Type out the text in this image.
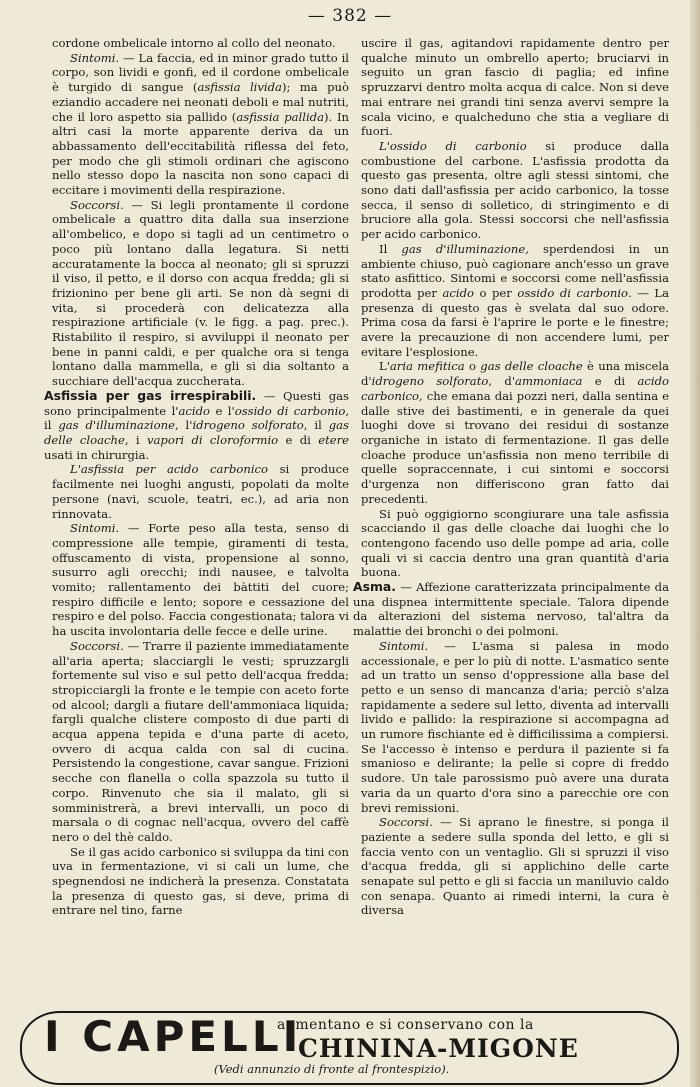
— 382 —

cordone ombelicale intorno al collo del neonato.

Sintomi. — La faccia, ed in minor grado tutto il corpo, son lividi e gonfi, ed il cordone ombelicale è turgido di sangue (asfissia livida); ma può eziandio accadere nei neonati deboli e mal nutriti, che il loro aspetto sia pallido (asfissia pallida). In altri casi la morte apparente deriva da un abbassamento dell'eccitabilità riflessa del feto, per modo che gli stimoli ordinari che agiscono nello stesso dopo la nascita non sono capaci di eccitare i movimenti della respirazione.

Soccorsi. — Si legli prontamente il cordone ombelicale a quattro dita dalla sua inserzione all'ombelico, e dopo si tagli ad un centimetro o poco più lontano dalla legatura. Si netti accuratamente la bocca al neonato; gli si spruzzi il viso, il petto, e il dorso con acqua fredda; gli si frizionino per bene gli arti. Se non dà segni di vita, si procederà con delicatezza alla respirazione artificiale (v. le figg. a pag. prec.). Ristabilito il respiro, si avviluppi il neonato per bene in panni caldi, e per qualche ora si tenga lontano dalla mammella, e gli si dia soltanto a succhiare dell'acqua zuccherata.

Asfissia per gas irrespirabili. — Questi gas sono principalmente l'acido e l'ossido di carbonio, il gas d'illuminazione, l'idrogeno solforato, il gas delle cloache, i vapori di cloroformio e di etere usati in chirurgia.

L'asfissia per acido carbonico si produce facilmente nei luoghi angusti, popolati da molte persone (navi, scuole, teatri, ec.), ad aria non rinnovata.

Sintomi. — Forte peso alla testa, senso di compressione alle tempie, giramenti di testa, offuscamento di vista, propensione al sonno, susurro agli orecchi; indi nausee, e talvolta vomito; rallentamento dei bàttiti del cuore; respiro difficile e lento; sopore e cessazione del respiro e del polso. Faccia congestionata; talora vi ha uscita involontaria delle fecce e delle urine.

Soccorsi. — Trarre il paziente immediatamente all'aria aperta; slacciargli le vesti; spruzzargli fortemente sul viso e sul petto dell'acqua fredda; stropicciargli la fronte e le tempie con aceto forte od alcool; dargli a fiutare dell'ammoniaca liquida; fargli qualche clistere composto di due parti di acqua appena tepida e d'una parte di aceto, ovvero di acqua calda con sal di cucina. Persistendo la congestione, cavar sangue. Frizioni secche con flanella o colla spazzola su tutto il corpo. Rinvenuto che sia il malato, gli si somministrerà, a brevi intervalli, un poco di marsala o di cognac nell'acqua, ovvero del caffè nero o del thè caldo.

Se il gas acido carbonico si sviluppa da tini con uva in fermentazione, vi si cali un lume, che spegnendosi ne indicherà la presenza. Constatata la presenza di questo gas, si deve, prima di entrare nel tino, farne

uscire il gas, agitandovi rapidamente dentro per qualche minuto un ombrello aperto; bruciarvi in seguito un gran fascio di paglia; ed infine spruzzarvi dentro molta acqua di calce. Non si deve mai entrare nei grandi tini senza avervi sempre la scala vicino, e qualcheduno che stia a vegliare di fuori.

L'ossido di carbonio si produce dalla combustione del carbone. L'asfissia prodotta da questo gas presenta, oltre agli stessi sintomi, che sono dati dall'asfissia per acido carbonico, la tosse secca, il senso di solletico, di stringimento e di bruciore alla gola. Stessi soccorsi che nell'asfissia per acido carbonico.

Il gas d'illuminazione, sperdendosi in un ambiente chiuso, può cagionare anch'esso un grave stato asfittico. Sintomi e soccorsi come nell'asfissia prodotta per acido o per ossido di carbonio. — La presenza di questo gas è svelata dal suo odore. Prima cosa da farsi è l'aprire le porte e le finestre; avere la precauzione di non accendere lumi, per evitare l'esplosione.

L'aria mefitica o gas delle cloache è una miscela d'idrogeno solforato, d'ammoniaca e di acido carbonico, che emana dai pozzi neri, dalla sentina e dalle stive dei bastimenti, e in generale da quei luoghi dove si trovano dei residui di sostanze organiche in istato di fermentazione. Il gas delle cloache produce un'asfissia non meno terribile di quelle sopraccennate, i cui sintomi e soccorsi d'urgenza non differiscono gran fatto dai precedenti.

Si può oggigiorno scongiurare una tale asfissia scacciando il gas delle cloache dai luoghi che lo contengono facendo uso delle pompe ad aria, colle quali vi si caccia dentro una gran quantità d'aria buona.

Asma. — Affezione caratterizzata principalmente da una dispnea intermittente speciale. Talora dipende da alterazioni del sistema nervoso, tal'altra da malattie dei bronchi o dei polmoni.

Sintomi. — L'asma si palesa in modo accessionale, e per lo più di notte. L'asmatico sente ad un tratto un senso d'oppressione alla base del petto e un senso di mancanza d'aria; perciò s'alza rapidamente a sedere sul letto, diventa ad intervalli livido e pallido: la respirazione si accompagna ad un rumore fischiante ed è difficilissima a compiersi. Se l'accesso è intenso e perdura il paziente si fa smanioso e delirante; la pelle si copre di freddo sudore. Un tale parossismo può avere una durata varia da un quarto d'ora sino a parecchie ore con brevi remissioni.

Soccorsi. — Si aprano le finestre, si ponga il paziente a sedere sulla sponda del letto, e gli si faccia vento con un ventaglio. Gli si spruzzi il viso d'acqua fredda, gli si applichino delle carte senapate sul petto e gli si faccia un maniluvio caldo con senapa. Quanto ai rimedi interni, la cura è diversa

I CAPELLI
aumentano e si conservano con la
CHININA-MIGONE
(Vedi annunzio di fronte al frontespizio).
